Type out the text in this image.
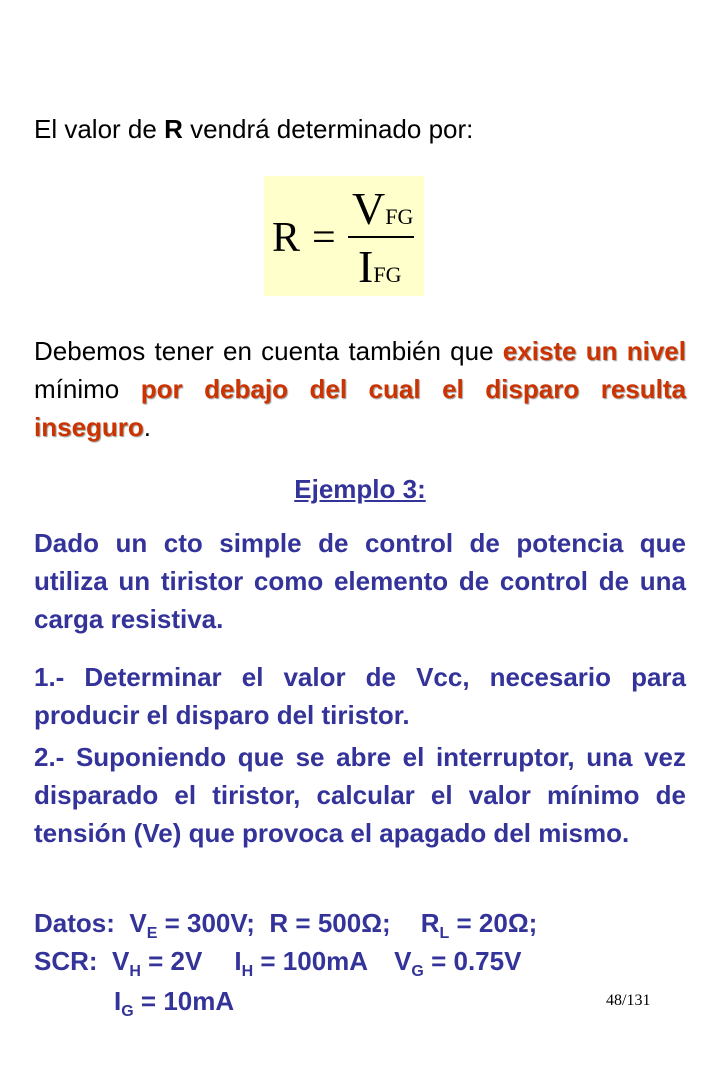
El valor de R vendrá determinado por:
R =
VFG
IFG
Debemos tener en cuenta también que existe un nivel mínimo por debajo del cual el disparo resulta inseguro.
Ejemplo 3:
Dado un cto simple de control de potencia que utiliza un tiristor como elemento de control de una carga resistiva.
1.- Determinar el valor de Vcc, necesario para producir el disparo del tiristor.
2.- Suponiendo que se abre el interruptor, una vez disparado el tiristor, calcular el valor mínimo de tensión (Ve) que provoca el apagado del mismo.
Datos: $V_E = 300V$; R = 500Ω; $R_L = 20\Omega$;
SCR: $V_H = 2V$ $I_H = 100mA$ $V_G = 0.75V$
$I_G = 10mA$	48/131
